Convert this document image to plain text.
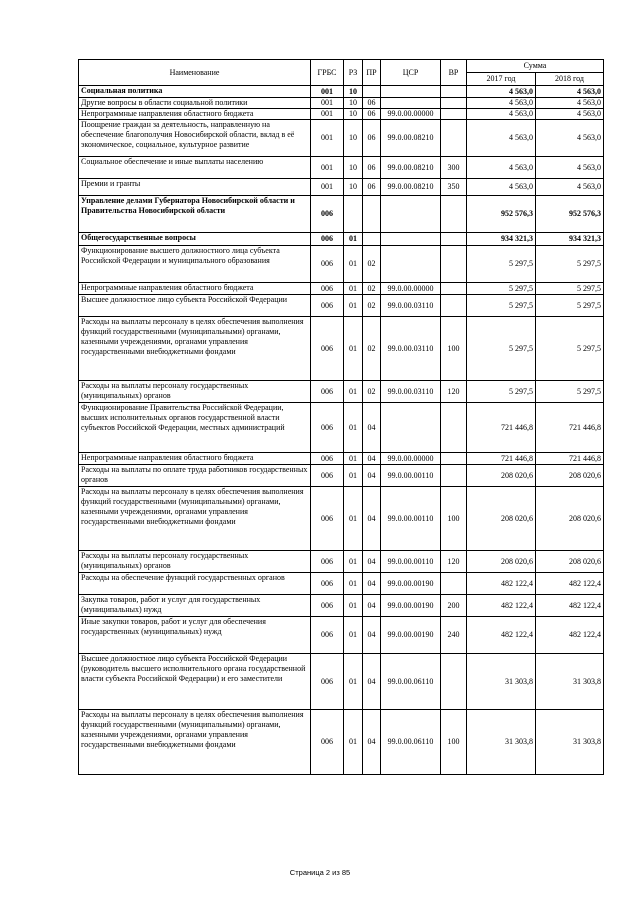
Наименование	ГРБС	РЗ	ПР	ЦСР	ВР	Сумма	
						2017 год	2018 год
Социальная политика	001	10				4 563,0	4 563,0
Другие вопросы в области социальной политики	001	10	06			4 563,0	4 563,0
Непрограммные направления областного бюджета	001	10	06	99.0.00.00000		4 563,0	4 563,0
Поощрение граждан за деятельность, направленную на обеспечение благополучия Новосибирской области, вклад в её экономическое, социальное, культурное развитие	001	10	06	99.0.00.08210		4 563,0	4 563,0
Социальное обеспечение и иные выплаты населению	001	10	06	99.0.00.08210	300	4 563,0	4 563,0
Премии и гранты	001	10	06	99.0.00.08210	350	4 563,0	4 563,0
Управление делами Губернатора Новосибирской области и Правительства Новосибирской области	006					952 576,3	952 576,3
Общегосударственные вопросы	006	01				934 321,3	934 321,3
Функционирование высшего должностного лица субъекта Российской Федерации и муниципального образования	006	01	02			5 297,5	5 297,5
Непрограммные направления областного бюджета	006	01	02	99.0.00.00000		5 297,5	5 297,5
Высшее должностное лицо субъекта Российской Федерации	006	01	02	99.0.00.03110		5 297,5	5 297,5
Расходы на выплаты персоналу в целях обеспечения выполнения функций государственными (муниципальными) органами, казенными учреждениями, органами управления государственными внебюджетными фондами	006	01	02	99.0.00.03110	100	5 297,5	5 297,5
Расходы на выплаты персоналу государственных (муниципальных) органов	006	01	02	99.0.00.03110	120	5 297,5	5 297,5
Функционирование Правительства Российской Федерации, высших исполнительных органов государственной власти субъектов Российской Федерации, местных администраций	006	01	04			721 446,8	721 446,8
Непрограммные направления областного бюджета	006	01	04	99.0.00.00000		721 446,8	721 446,8
Расходы на выплаты по оплате труда работников государственных органов	006	01	04	99.0.00.00110		208 020,6	208 020,6
Расходы на выплаты персоналу в целях обеспечения выполнения функций государственными (муниципальными) органами, казенными учреждениями, органами управления государственными внебюджетными фондами	006	01	04	99.0.00.00110	100	208 020,6	208 020,6
Расходы на выплаты персоналу государственных (муниципальных) органов	006	01	04	99.0.00.00110	120	208 020,6	208 020,6
Расходы на обеспечение функций государственных органов	006	01	04	99.0.00.00190		482 122,4	482 122,4
Закупка товаров, работ и услуг для государственных (муниципальных) нужд	006	01	04	99.0.00.00190	200	482 122,4	482 122,4
Иные закупки товаров, работ и услуг для обеспечения государственных (муниципальных) нужд	006	01	04	99.0.00.00190	240	482 122,4	482 122,4
Высшее должностное лицо субъекта Российской Федерации (руководитель высшего исполнительного органа государственной власти субъекта Российской Федерации) и его заместители	006	01	04	99.0.00.06110		31 303,8	31 303,8
Расходы на выплаты персоналу в целях обеспечения выполнения функций государственными (муниципальными) органами, казенными учреждениями, органами управления государственными внебюджетными фондами	006	01	04	99.0.00.06110	100	31 303,8	31 303,8
Страница 2 из 85
